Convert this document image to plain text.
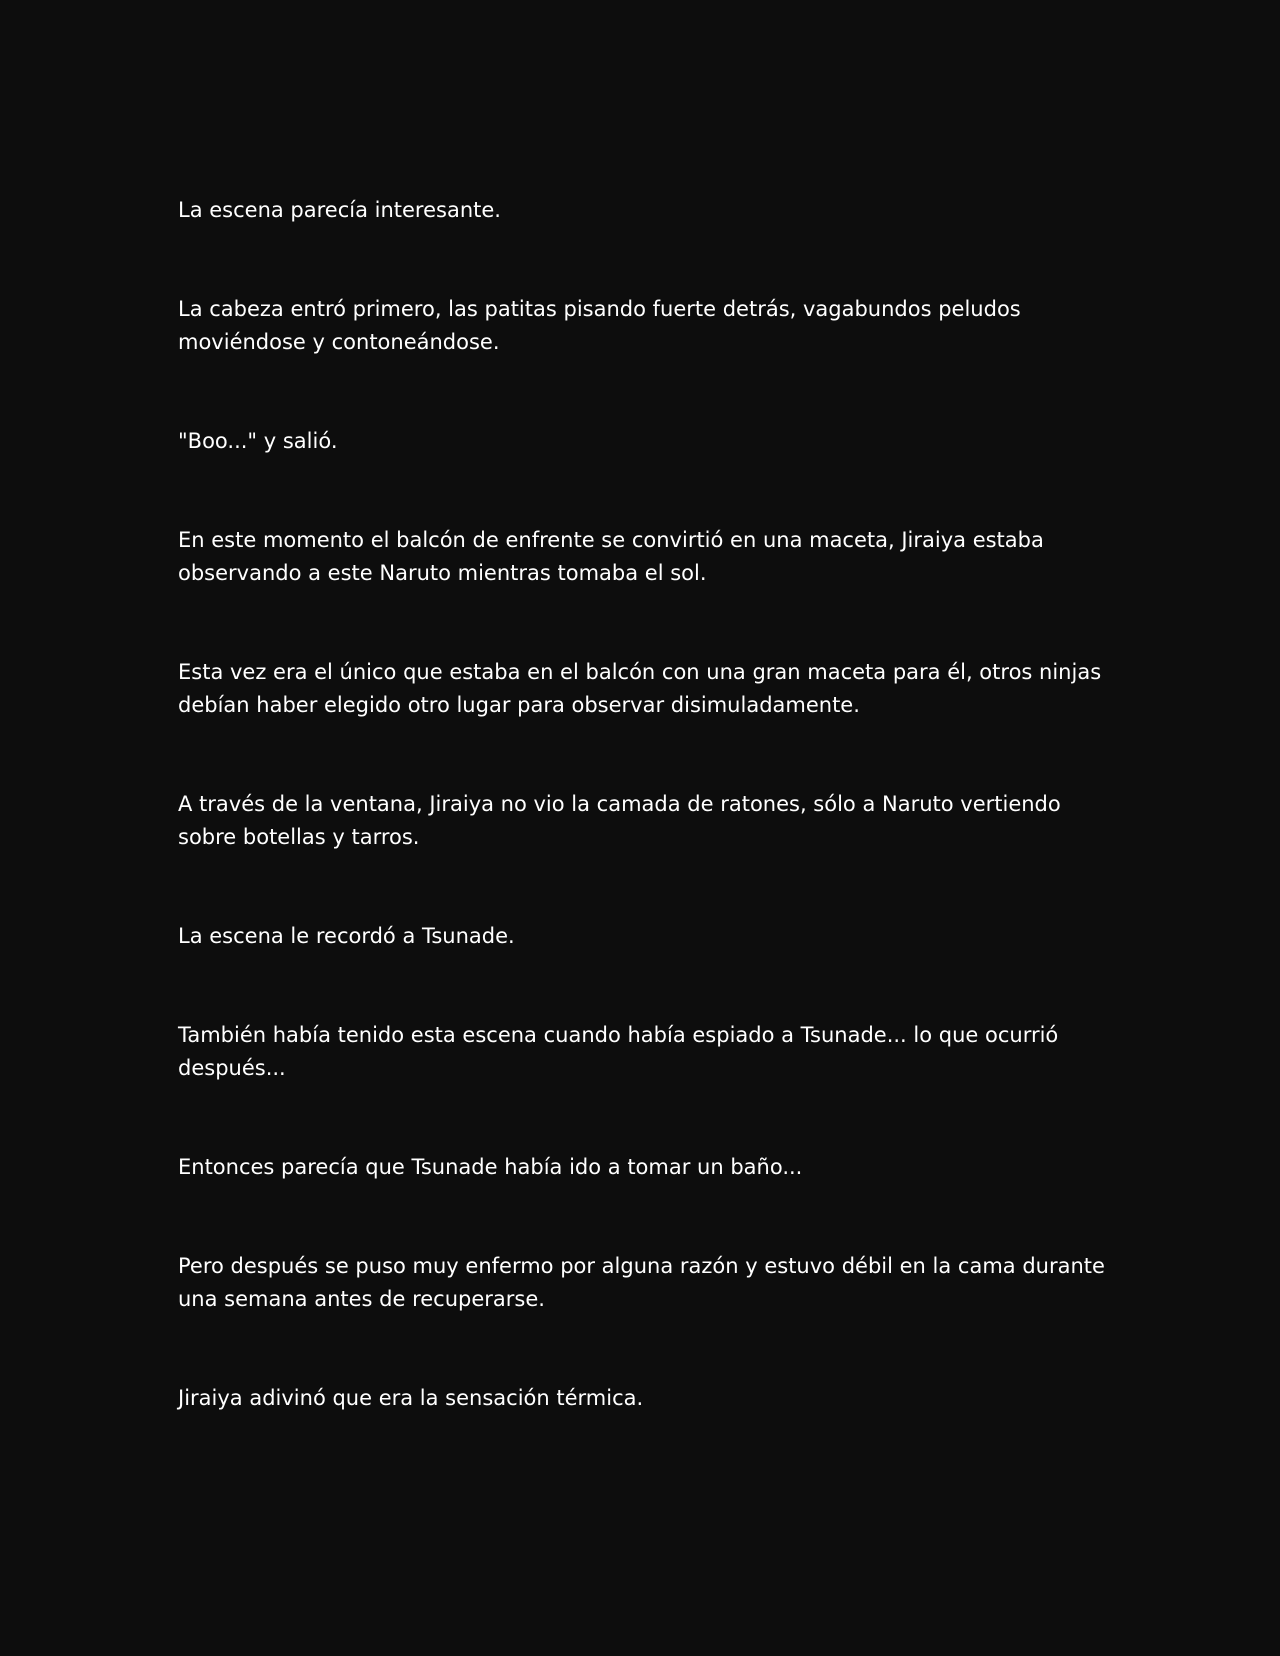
La escena parecía interesante.

La cabeza entró primero, las patitas pisando fuerte detrás, vagabundos peludos moviéndose y contoneándose.

"Boo..." y salió.

En este momento el balcón de enfrente se convirtió en una maceta, Jiraiya estaba observando a este Naruto mientras tomaba el sol.

Esta vez era el único que estaba en el balcón con una gran maceta para él, otros ninjas debían haber elegido otro lugar para observar disimuladamente.

A través de la ventana, Jiraiya no vio la camada de ratones, sólo a Naruto vertiendo sobre botellas y tarros.

La escena le recordó a Tsunade.

También había tenido esta escena cuando había espiado a Tsunade... lo que ocurrió después...

Entonces parecía que Tsunade había ido a tomar un baño...

Pero después se puso muy enfermo por alguna razón y estuvo débil en la cama durante una semana antes de recuperarse.

Jiraiya adivinó que era la sensación térmica.
